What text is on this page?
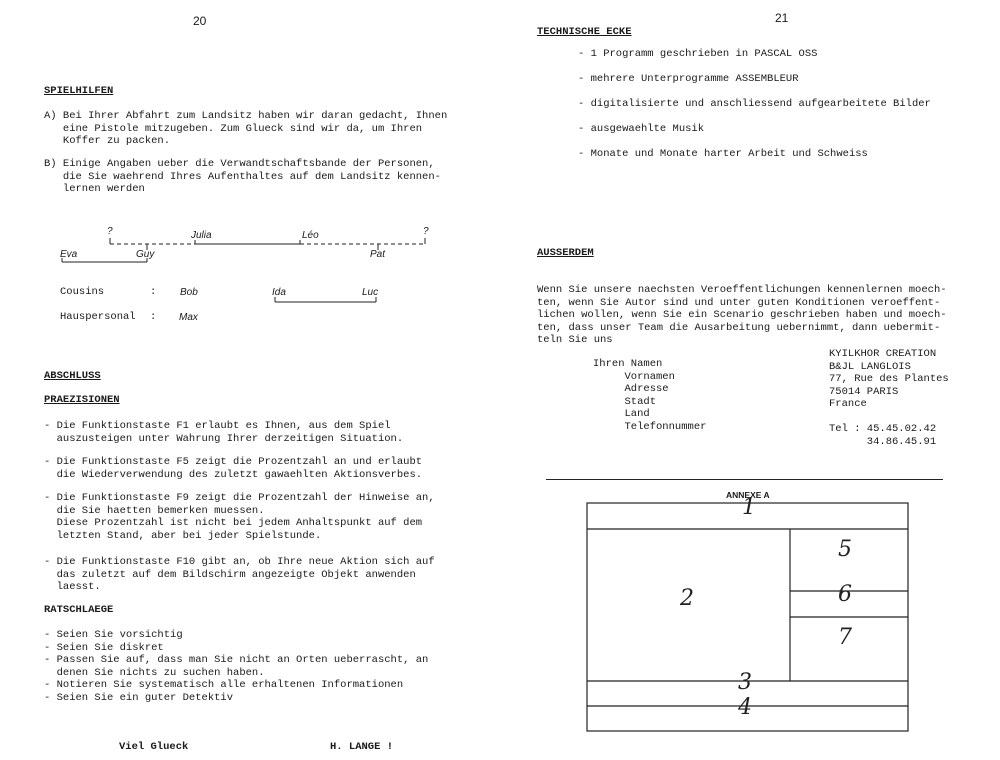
20
SPIELHILFEN
A) Bei Ihrer Abfahrt zum Landsitz haben wir daran gedacht, Ihnen
eine Pistole mitzugeben. Zum Glueck sind wir da, um Ihren
Koffer zu packen.
B) Einige Angaben ueber die Verwandtschaftsbande der Personen,
die Sie waehrend Ihres Aufenthaltes auf dem Landsitz kennen-
lernen werden
?	Julia	Léo	?
Eva	Guy	Pat
Cousins	: Bob	Ida	Luc
Hauspersonal : Max
ABSCHLUSS
PRAEZISIONEN
- Die Funktionstaste F1 erlaubt es Ihnen, aus dem Spiel
auszusteigen unter Wahrung Ihrer derzeitigen Situation.
- Die Funktionstaste F5 zeigt die Prozentzahl an und erlaubt
die Wiederverwendung des zuletzt gawaehlten Aktionsverbes.
- Die Funktionstaste F9 zeigt die Prozentzahl der Hinweise an,
die Sie haetten bemerken muessen.
Diese Prozentzahl ist nicht bei jedem Anhaltspunkt auf dem
letzten Stand, aber bei jeder Spielstunde.
- Die Funktionstaste F10 gibt an, ob Ihre neue Aktion sich auf
das zuletzt auf dem Bildschirm angezeigte Objekt anwenden
laesst.
RATSCHLAEGE
- Seien Sie vorsichtig
- Seien Sie diskret
- Passen Sie auf, dass man Sie nicht an Orten ueberrascht, an
denen Sie nichts zu suchen haben.
- Notieren Sie systematisch alle erhaltenen Informationen
- Seien Sie ein guter Detektiv
Viel Glueck	H. LANGE !
21
TECHNISCHE ECKE
- 1 Programm geschrieben in PASCAL OSS
- mehrere Unterprogramme ASSEMBLEUR
- digitalisierte und anschliessend aufgearbeitete Bilder
- ausgewaehlte Musik
- Monate und Monate harter Arbeit und Schweiss
AUSSERDEM
Wenn Sie unsere naechsten Veroeffentlichungen kennenlernen moech-
ten, wenn Sie Autor sind und unter guten Konditionen veroeffent-
lichen wollen, wenn Sie ein Scenario geschrieben haben und moech-
ten, dass unser Team die Ausarbeitung uebernimmt, dann uebermit-
teln Sie uns
Ihren Namen
Vornamen
Adresse
Stadt
Land
Telefonnummer
KYILKHOR CREATION
B&JL LANGLOIS
77, Rue des Plantes
75014 PARIS
France

Tel : 45.45.02.42
34.86.45.91
ANNEXE A
1
2
5
6
7
3
4
